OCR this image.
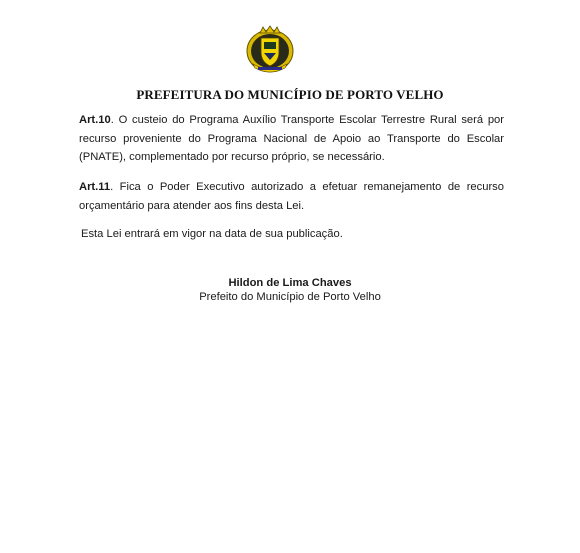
PREFEITURA DO MUNICÍPIO DE PORTO VELHO
Art.10. O custeio do Programa Auxílio Transporte Escolar Terrestre Rural será por recurso proveniente do Programa Nacional de Apoio ao Transporte do Escolar (PNATE), complementado por recurso próprio, se necessário.
Art.11. Fica o Poder Executivo autorizado a efetuar remanejamento de recurso orçamentário para atender aos fins desta Lei.
Esta Lei entrará em vigor na data de sua publicação.
Hildon de Lima Chaves
Prefeito do Município de Porto Velho
